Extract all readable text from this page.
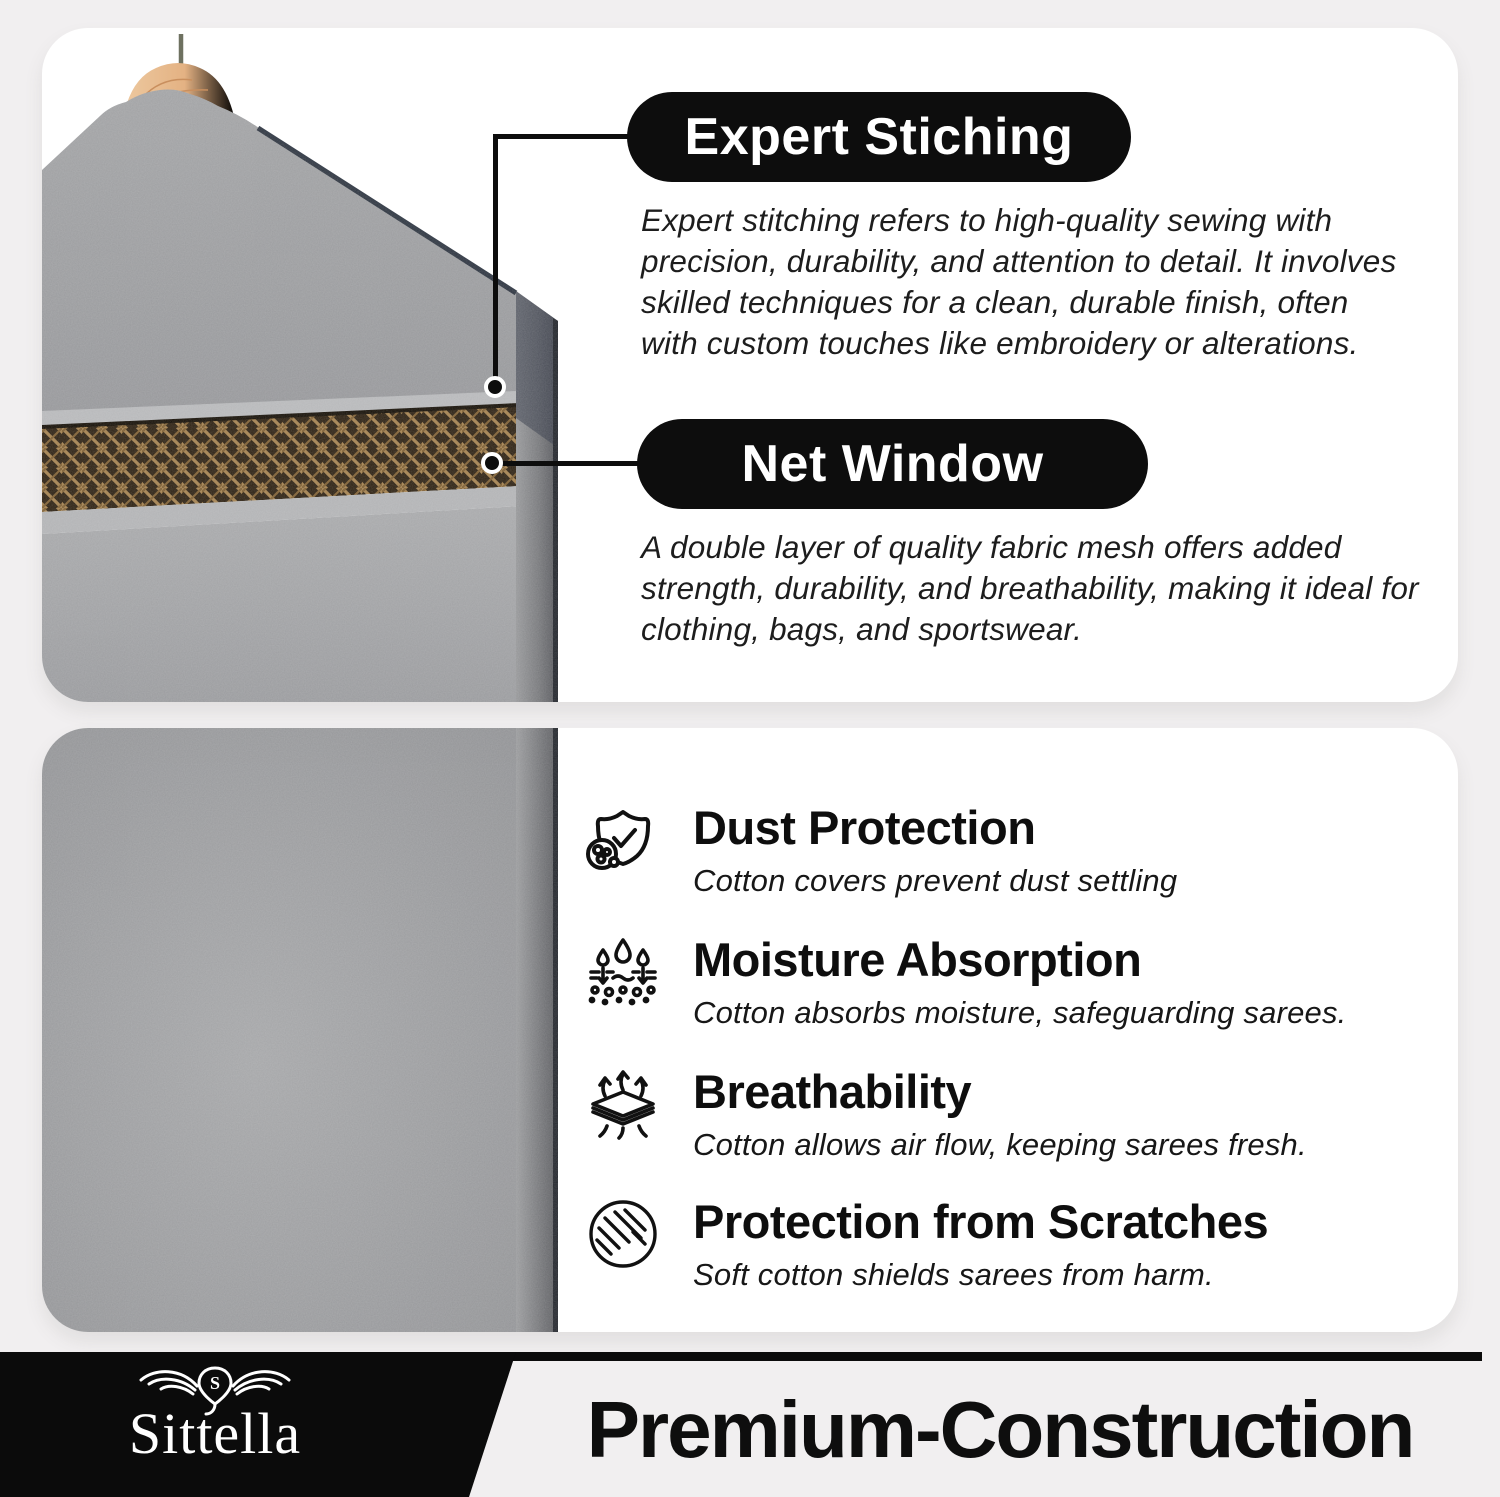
Expert Stiching
Expert stitching refers to high-quality sewing with precision, durability, and attention to detail. It involves skilled techniques for a clean, durable finish, often with custom touches like embroidery or alterations.
Net Window
A double layer of quality fabric mesh offers added strength, durability, and breathability, making it ideal for clothing, bags, and sportswear.
Dust Protection
Cotton covers prevent dust settling
Moisture Absorption
Cotton absorbs moisture, safeguarding sarees.
Breathability
Cotton allows air flow, keeping sarees fresh.
Protection from Scratches
Soft cotton shields sarees from harm.
S
Sittella	Premium-Construction
